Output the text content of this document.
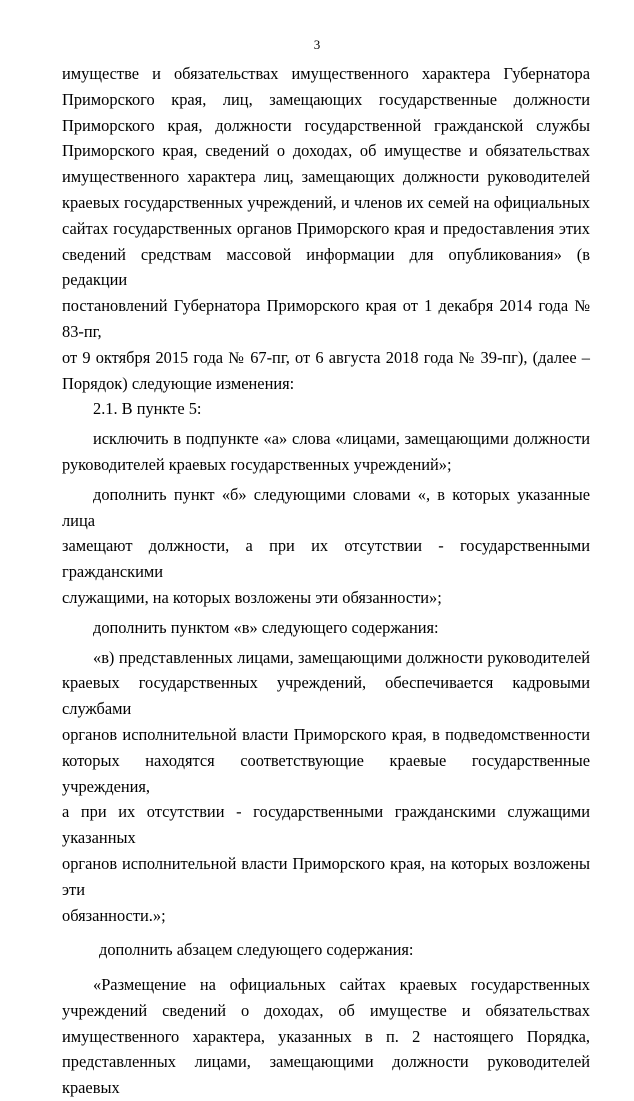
3

имуществе и обязательствах имущественного характера Губернатора

Приморского края, лиц, замещающих государственные должности

Приморского края, должности государственной гражданской службы

Приморского края, сведений о доходах, об имуществе и обязательствах

имущественного характера лиц, замещающих должности руководителей

краевых государственных учреждений, и членов их семей на официальных

сайтах государственных органов Приморского края и предоставления этих

сведений средствам массовой информации для опубликования» (в редакции

постановлений Губернатора Приморского края от 1 декабря 2014 года № 83-пг,

от 9 октября 2015 года № 67-пг, от 6 августа 2018 года № 39-пг), (далее –

Порядок) следующие изменения:

2.1. В пункте 5:

исключить в подпункте «а» слова «лицами, замещающими должности

руководителей краевых государственных учреждений»;

дополнить пункт «б» следующими словами «, в которых указанные лица

замещают должности, а при их отсутствии - государственными гражданскими

служащими, на которых возложены эти обязанности»;

дополнить пунктом «в» следующего содержания:

«в) представленных лицами, замещающими должности руководителей

краевых государственных учреждений, обеспечивается кадровыми службами

органов исполнительной власти Приморского края, в подведомственности

которых находятся соответствующие краевые государственные учреждения,

а при их отсутствии - государственными гражданскими служащими указанных

органов исполнительной власти Приморского края, на которых возложены эти

обязанности.»;

дополнить абзацем следующего содержания:

«Размещение на официальных сайтах краевых государственных

учреждений сведений о доходах, об имуществе и обязательствах

имущественного характера, указанных в п. 2 настоящего Порядка,

представленных лицами, замещающими должности руководителей краевых
